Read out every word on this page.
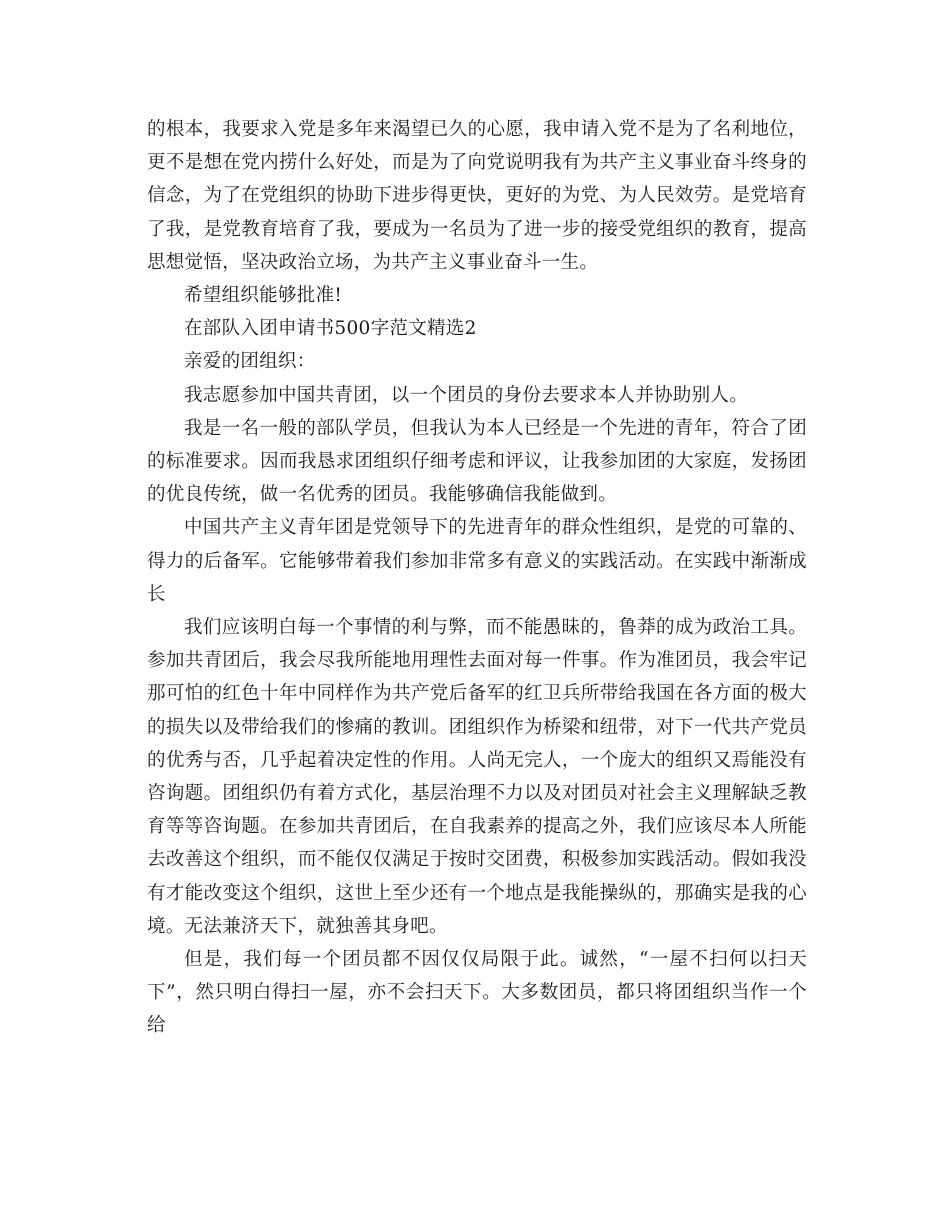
的根本，我要求入党是多年来渴望已久的心愿，我申请入党不是为了名利地位，更不是想在党内捞什么好处，而是为了向党说明我有为共产主义事业奋斗终身的信念，为了在党组织的协助下进步得更快，更好的为党、为人民效劳。是党培育了我，是党教育培育了我，要成为一名员为了进一步的接受党组织的教育，提高思想觉悟，坚决政治立场，为共产主义事业奋斗一生。

希望组织能够批准!

在部队入团申请书500字范文精选2

亲爱的团组织：

我志愿参加中国共青团，以一个团员的身份去要求本人并协助别人。

我是一名一般的部队学员，但我认为本人已经是一个先进的青年，符合了团的标准要求。因而我恳求团组织仔细考虑和评议，让我参加团的大家庭，发扬团的优良传统，做一名优秀的团员。我能够确信我能做到。

中国共产主义青年团是党领导下的先进青年的群众性组织，是党的可靠的、得力的后备军。它能够带着我们参加非常多有意义的实践活动。在实践中渐渐成长

我们应该明白每一个事情的利与弊，而不能愚昧的，鲁莽的成为政治工具。参加共青团后，我会尽我所能地用理性去面对每一件事。作为准团员，我会牢记那可怕的红色十年中同样作为共产党后备军的红卫兵所带给我国在各方面的极大的损失以及带给我们的惨痛的教训。团组织作为桥梁和纽带，对下一代共产党员的优秀与否，几乎起着决定性的作用。人尚无完人，一个庞大的组织又焉能没有咨询题。团组织仍有着方式化，基层治理不力以及对团员对社会主义理解缺乏教育等等咨询题。在参加共青团后，在自我素养的提高之外，我们应该尽本人所能去改善这个组织，而不能仅仅满足于按时交团费，积极参加实践活动。假如我没有才能改变这个组织，这世上至少还有一个地点是我能操纵的，那确实是我的心境。无法兼济天下，就独善其身吧。

但是，我们每一个团员都不因仅仅局限于此。诚然，“一屋不扫何以扫天下”，然只明白得扫一屋，亦不会扫天下。大多数团员，都只将团组织当作一个给
